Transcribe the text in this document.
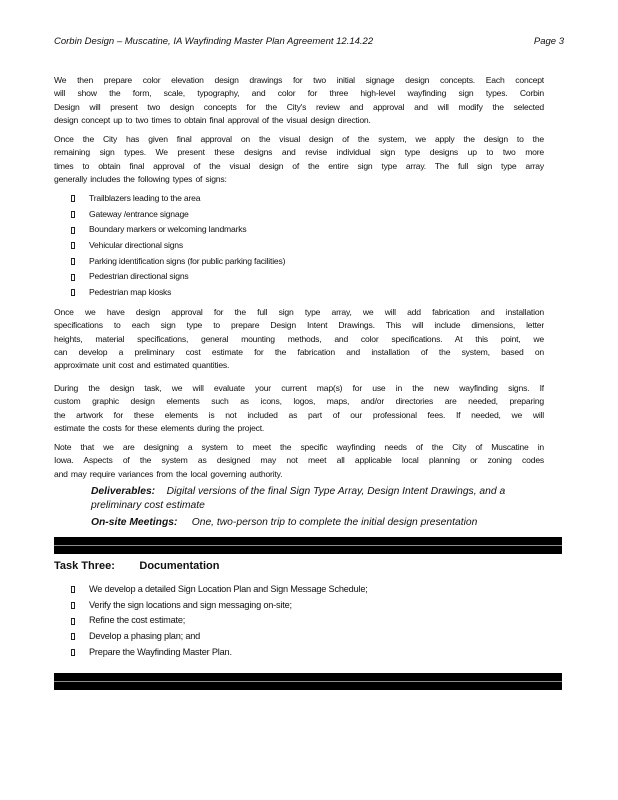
Corbin Design – Muscatine, IA Wayfinding Master Plan Agreement 12.14.22	Page 3
We then prepare color elevation design drawings for two initial signage design concepts. Each concept
will show the form, scale, typography, and color for three high-level wayfinding sign types. Corbin
Design will present two design concepts for the City's review and approval and will modify the selected
design concept up to two times to obtain final approval of the visual design direction.
Once the City has given final approval on the visual design of the system, we apply the design to the
remaining sign types. We present these designs and revise individual sign type designs up to two more
times to obtain final approval of the visual design of the entire sign type array. The full sign type array
generally includes the following types of signs:
Trailblazers leading to the area
Gateway /entrance signage
Boundary markers or welcoming landmarks
Vehicular directional signs
Parking identification signs (for public parking facilities)
Pedestrian directional signs
Pedestrian map kiosks
Once we have design approval for the full sign type array, we will add fabrication and installation
specifications to each sign type to prepare Design Intent Drawings. This will include dimensions, letter
heights, material specifications, general mounting methods, and color specifications. At this point, we
can develop a preliminary cost estimate for the fabrication and installation of the system, based on
approximate unit cost and estimated quantities.
During the design task, we will evaluate your current map(s) for use in the new wayfinding signs. If
custom graphic design elements such as icons, logos, maps, and/or directories are needed, preparing
the artwork for these elements is not included as part of our professional fees. If needed, we will
estimate the costs for these elements during the project.
Note that we are designing a system to meet the specific wayfinding needs of the City of Muscatine in
Iowa. Aspects of the system as designed may not meet all applicable local planning or zoning codes
and may require variances from the local governing authority.
Deliverables: Digital versions of the final Sign Type Array, Design Intent Drawings, and a preliminary cost estimate
On-site Meetings: One, two-person trip to complete the initial design presentation
Task Three: Documentation
We develop a detailed Sign Location Plan and Sign Message Schedule;
Verify the sign locations and sign messaging on-site;
Refine the cost estimate;
Develop a phasing plan; and
Prepare the Wayfinding Master Plan.
